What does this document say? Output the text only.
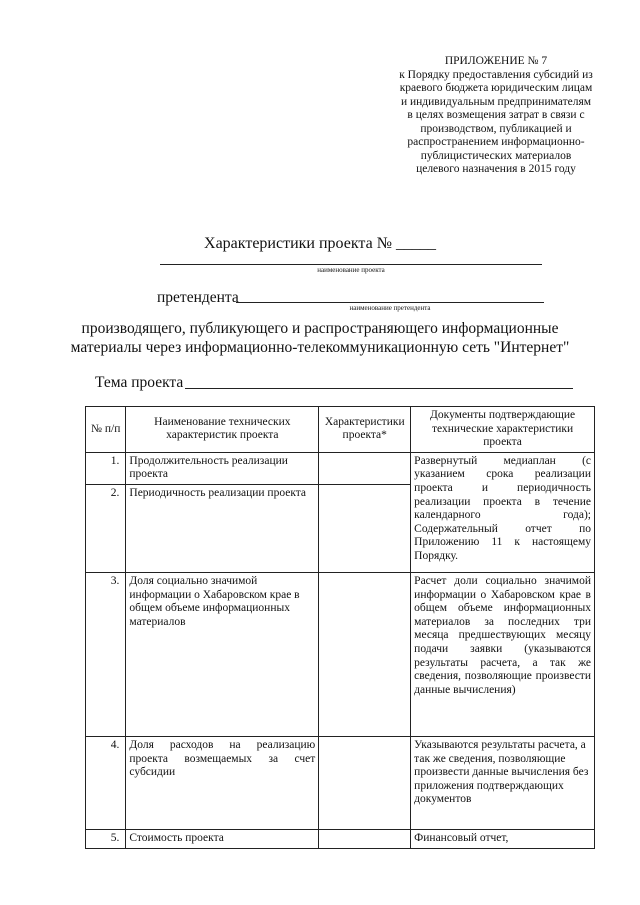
ПРИЛОЖЕНИЕ № 7
к Порядку предоставления субсидий из
краевого бюджета юридическим лицам
и индивидуальным предпринимателям
в целях возмещения затрат в связи с
производством, публикацией и
распространением информационно-
публицистических материалов
целевого назначения в 2015 году
Характеристики проекта № _____
наименование проекта
претендента
наименование претендента
производящего, публикующего и распространяющего информационные
материалы через информационно-телекоммуникационную сеть "Интернет"
Тема проекта
№ п/п	Наименование технических характеристик проекта	Характеристики проекта*	Документы подтверждающие технические характеристики проекта
1.	Продолжительность реализации проекта		Развернутый медиаплан (с указанием срока реализации проекта и периодичность реализации проекта в течение календарного года); Содержательный отчет по Приложению 11 к настоящему Порядку.
2.	Периодичность реализации проекта		
3.	Доля социально значимой информации о Хабаровском крае в общем объеме информационных материалов		Расчет доли социально значимой информации о Хабаровском крае в общем объеме информационных материалов за последних три месяца предшествующих месяцу подачи заявки (указываются результаты расчета, а так же сведения, позволяющие произвести данные вычисления)
4.	Доля расходов на реализацию проекта возмещаемых за счет субсидии		Указываются результаты расчета, а так же сведения, позволяющие произвести данные вычисления без приложения подтверждающих документов
5.	Стоимость проекта		Финансовый отчет,
